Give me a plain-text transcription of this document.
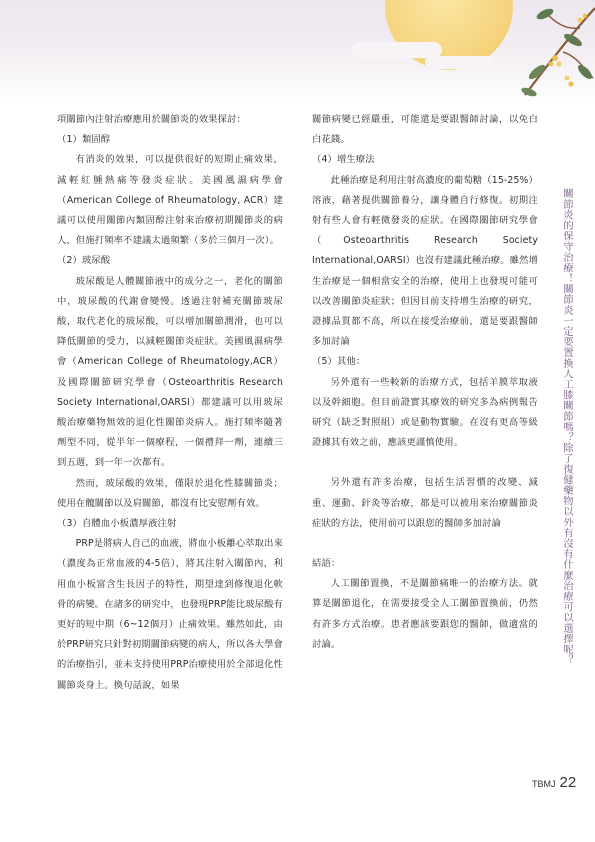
項關節內注射治療應用於關節炎的效果探討：

（1）類固醇

有消炎的效果，可以提供很好的短期止痛效果，減輕紅腫熱痛等發炎症狀。美國風濕病學會（American College of Rheumatology, ACR）建議可以使用關節內類固醇注射來治療初期關節炎的病人，但施打頻率不建議太過頻繁（多於三個月一次）。

（2）玻尿酸

玻尿酸是人體關節液中的成分之一，老化的關節中，玻尿酸的代謝會變慢。透過注射補充關節玻尿酸，取代老化的玻尿酸，可以增加關節潤滑，也可以降低關節的受力，以減輕關節炎症狀。美國風濕病學會（American College of Rheumatology,ACR）及國際關節研究學會（Osteoarthritis Research Society International,OARSI）都建議可以用玻尿酸治療藥物無效的退化性關節炎病人。施打頻率隨著劑型不同，從半年一個療程，一個禮拜一劑，連續三到五週，到一年一次都有。

然而，玻尿酸的效果，僅限於退化性膝關節炎；使用在髖關節以及肩關節，都沒有比安慰劑有效。

（3）自體血小板濃厚液注射

PRP是將病人自己的血液，將血小板離心萃取出來（濃度為正常血液的4-5倍），將其注射入關節內，利用血小板富含生長因子的特性，期望達到修復退化軟骨的病變。在諸多的研究中，也發現PRP能比玻尿酸有更好的短中期（6~12個月）止痛效果。雖然如此，由於PRP研究只針對初期關節病變的病人，所以各大學會的治療指引，並未支持使用PRP治療使用於全部退化性關節炎身上。換句話說，如果

關節病變已經嚴重，可能還是要跟醫師討論，以免白白花錢。

（4）增生療法

此種治療是利用注射高濃度的葡萄糖（15-25%）溶液，藉著提供關節養分，讓身體自行修復。初期注射有些人會有輕微發炎的症狀。在國際關節研究學會（Osteoarthritis Research Society International,OARSI）也沒有建議此種治療。雖然增生治療是一個相當安全的治療，使用上也發現可能可以改善關節炎症狀；但因目前支持增生治療的研究，證據品質都不高，所以在接受治療前，還是要跟醫師多加討論

（5）其他：

另外還有一些較新的治療方式，包括羊膜萃取液以及幹細胞。但目前證實其療效的研究多為病例報告研究（缺乏對照組）或是動物實驗。在沒有更高等級證據其有效之前，應該更謹慎使用。

另外還有許多治療，包括生活習慣的改變、減重、運動、針灸等治療，都是可以被用來治療關節炎症狀的方法，使用前可以跟您的醫師多加討論

結語：

人工關節置換，不是關節痛唯一的治療方法。就算是關節退化，在需要接受全人工關節置換前，仍然有許多方式治療。患者應該要跟您的醫師，做適當的討論。	關節炎的保守治療！關節炎一定要置換人工膝關節嗎？除了復健藥物以外有沒有什麼治療可以選擇呢？
TBMJ 22
